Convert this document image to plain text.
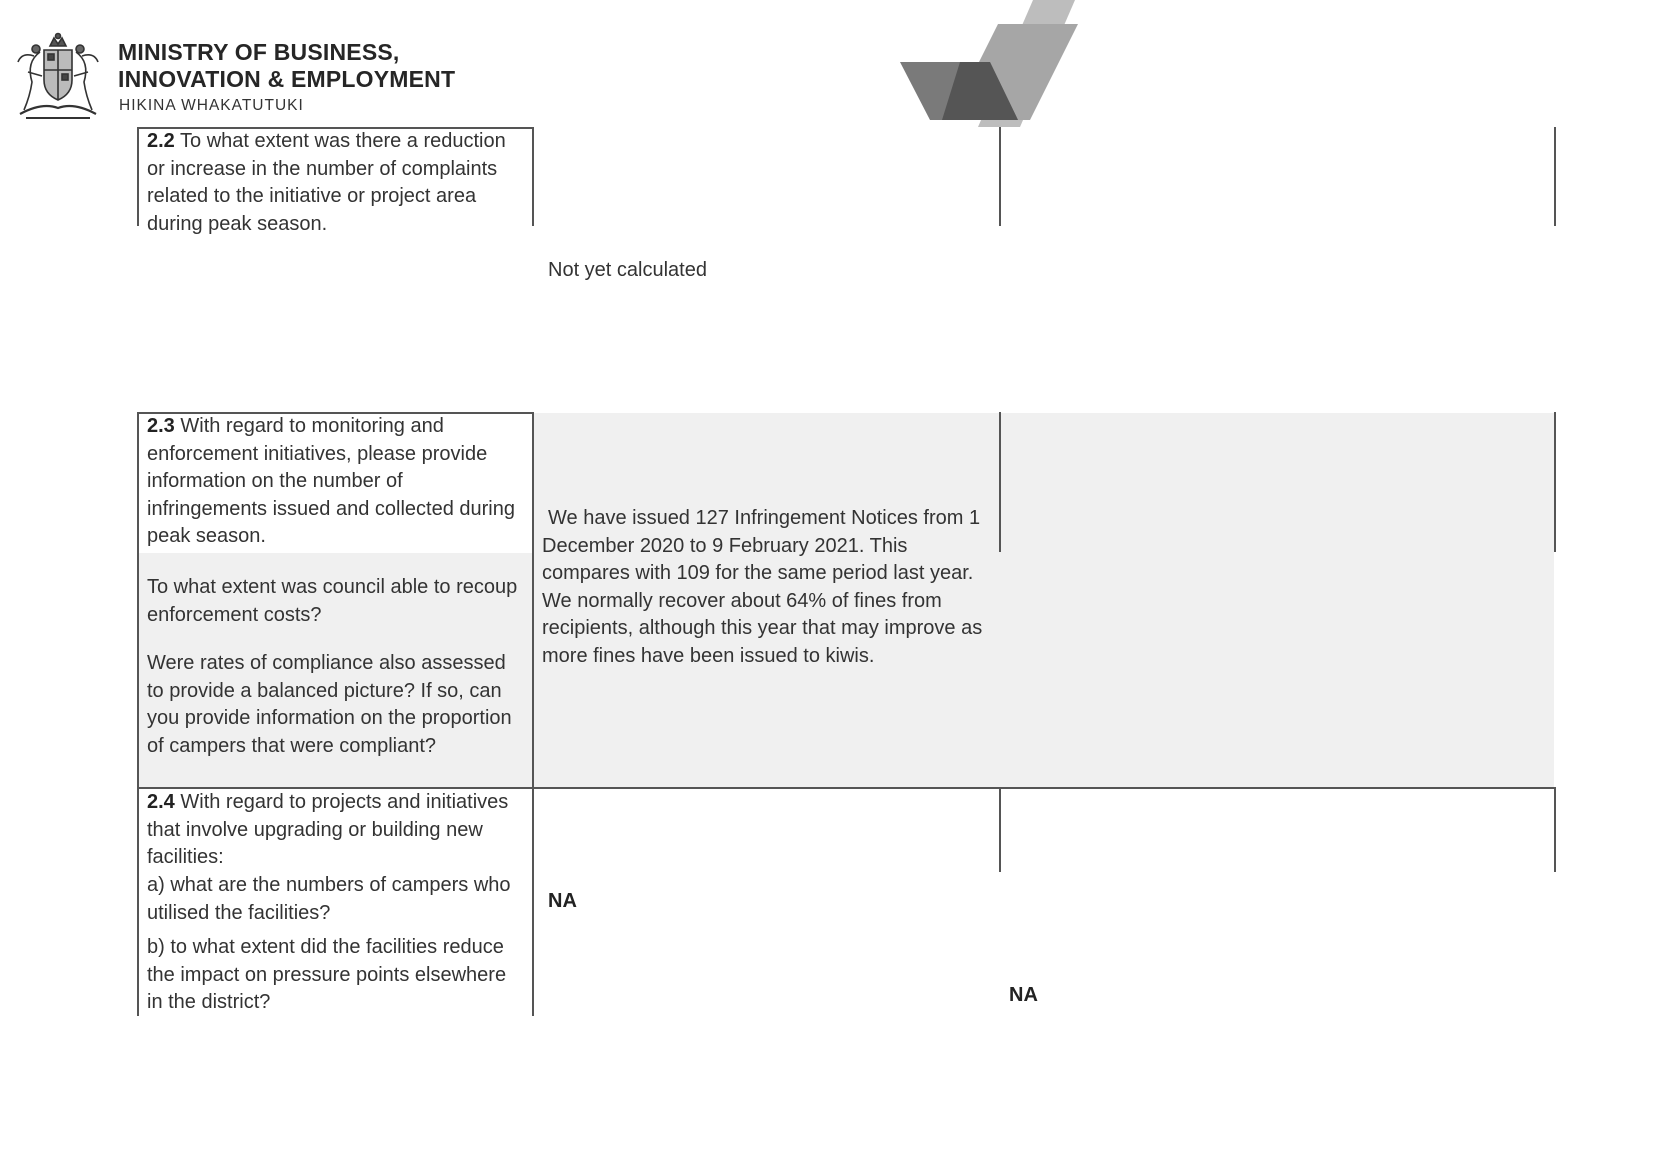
MINISTRY OF BUSINESS,
INNOVATION & EMPLOYMENT
HIKINA WHAKATUTUKI
2.2 To what extent was there a reduction or increase in the number of complaints related to the initiative or project area during peak season.
Not yet calculated

2.3 With regard to monitoring and enforcement initiatives, please provide information on the number of infringements issued and collected during peak season.

To what extent was council able to recoup enforcement costs?
Were rates of compliance also assessed to provide a balanced picture? If so, can you provide information on the proportion of campers that were compliant?
We have issued 127 Infringement Notices from 1 December 2020 to 9 February 2021. This compares with 109 for the same period last year. We normally recover about 64% of fines from recipients, although this year that may improve as more fines have been issued to kiwis.
2.4 With regard to projects and initiatives that involve upgrading or building new facilities:
a) what are the numbers of campers who utilised the facilities?
b) to what extent did the facilities reduce the impact on pressure points elsewhere in the district?
NA
NA
